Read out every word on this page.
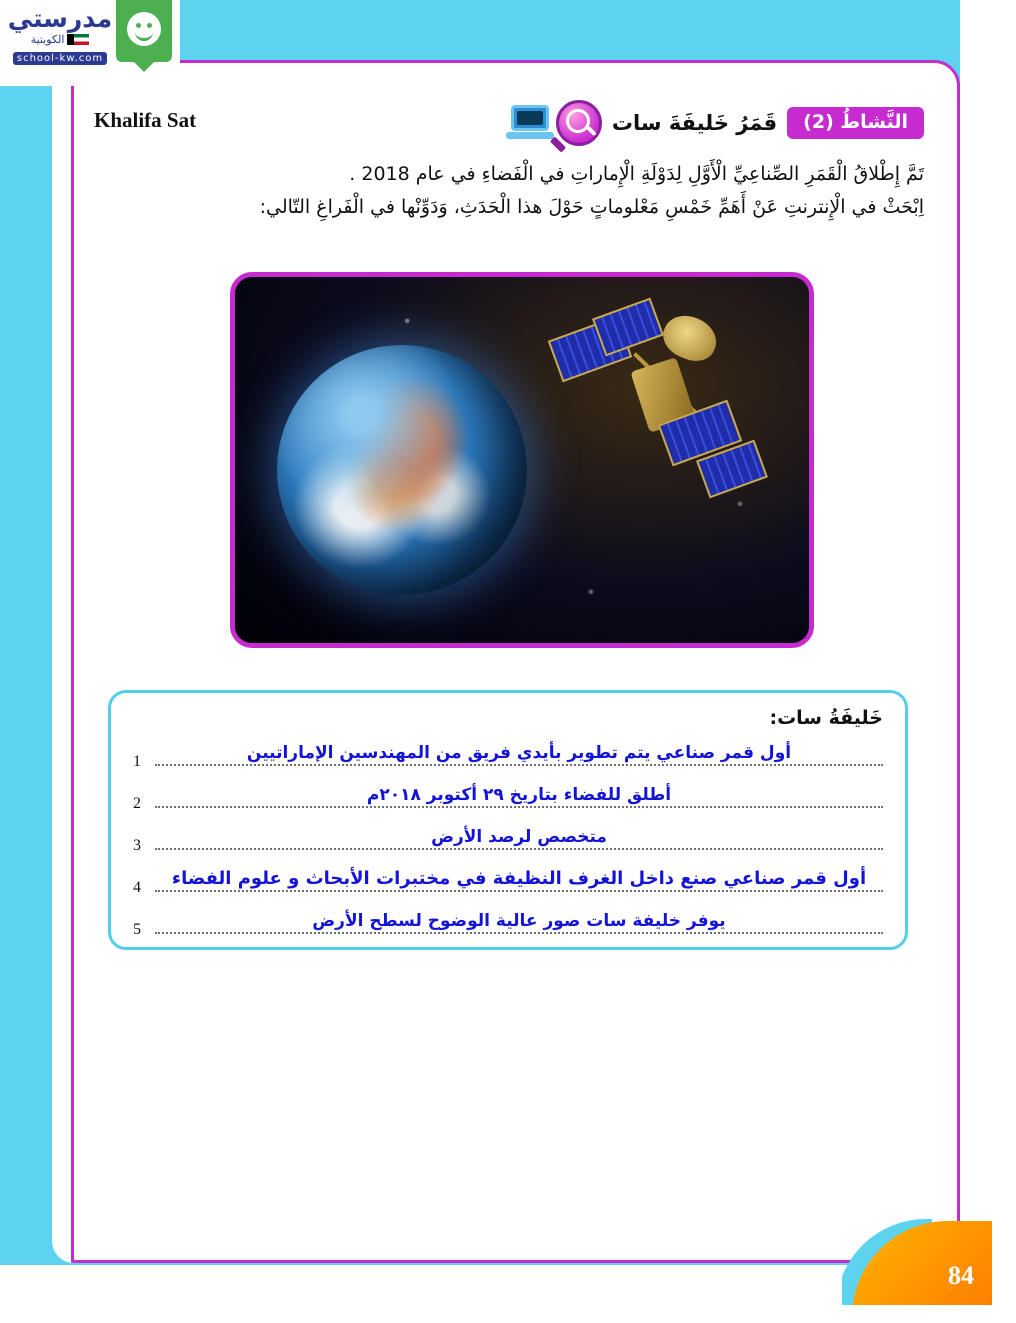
مدرستي
الكويتية
school-kw.com
النَّشاطُ (2)
قَمَرُ خَليفَةَ سات
Khalifa Sat

تَمَّ إِطْلاقُ الْقَمَرِ الصِّناعِيِّ الْأَوَّلِ لِدَوْلَةِ الْإِماراتِ في الْفَضاءِ في عام 2018 .

اِبْحَثْ في الْإِنترنتِ عَنْ أَهَمِّ خَمْسِ مَعْلوماتٍ حَوْلَ هذا الْحَدَثِ، وَدَوِّنْها في الْفَراغِ التّالي:

خَليفَةُ سات:
أول قمر صناعي يتم تطوير بأيدي فريق من المهندسين الإماراتيين
1
أطلق للفضاء بتاريخ ٢٩ أكتوبر ٢٠١٨م
2
متخصص لرصد الأرض
3
أول قمر صناعي صنع داخل الغرف النظيفة في مختبرات الأبحاث و علوم الفضاء
4
يوفر خليفة سات صور عالية الوضوح لسطح الأرض
5
84
